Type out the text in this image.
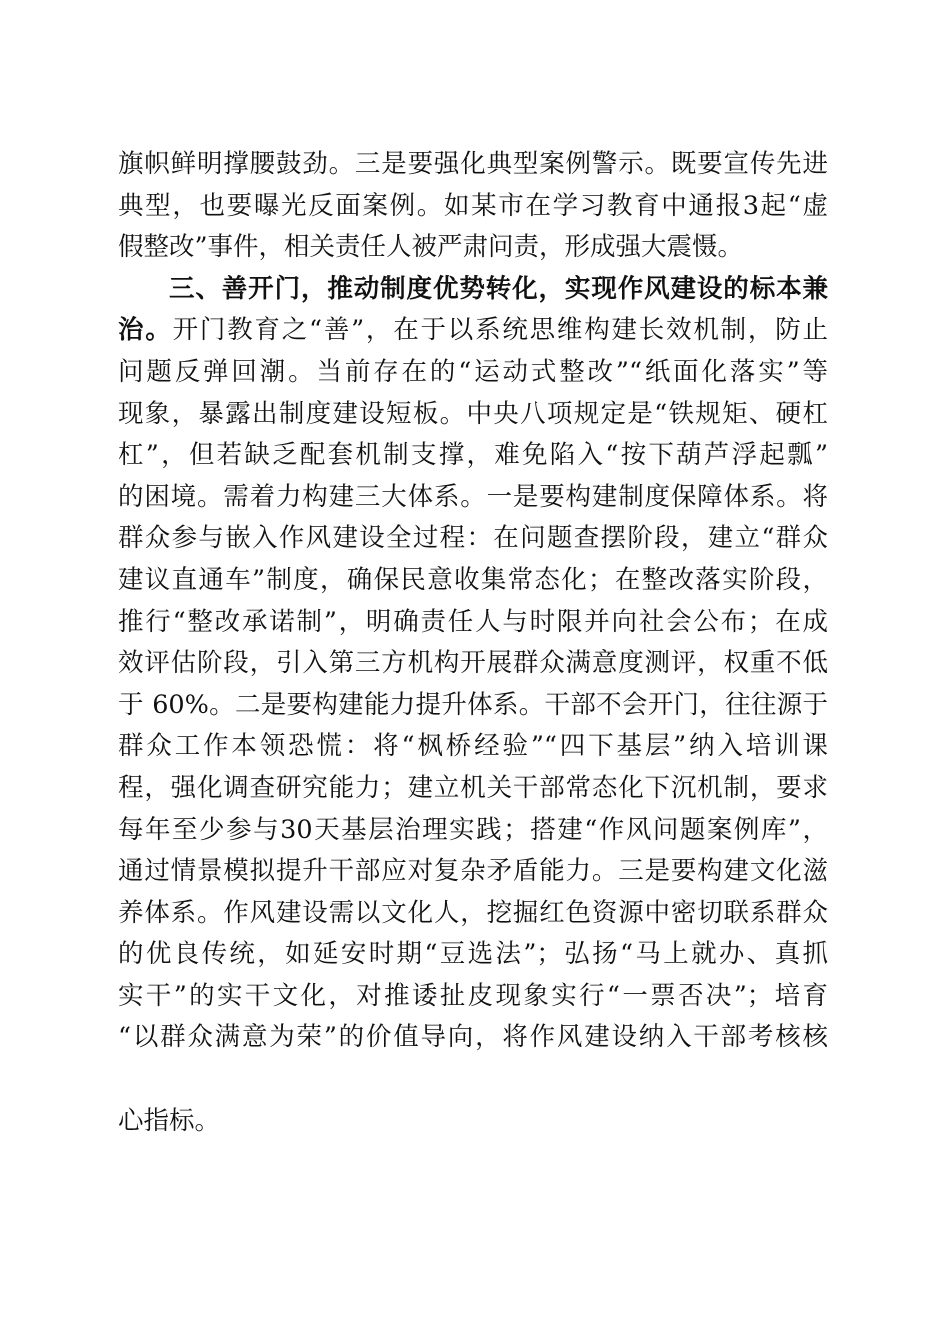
旗帜鲜明撑腰鼓劲。三是要强化典型案例警示。既要宣传先进
典型，也要曝光反面案例。如某市在学习教育中通报3起“虚
假整改”事件，相关责任人被严肃问责，形成强大震慑。
三、善开门，推动制度优势转化，实现作风建设的标本兼
治。开门教育之“善”，在于以系统思维构建长效机制，防止
问题反弹回潮。当前存在的“运动式整改”“纸面化落实”等
现象，暴露出制度建设短板。中央八项规定是“铁规矩、硬杠
杠”，但若缺乏配套机制支撑，难免陷入“按下葫芦浮起瓢”
的困境。需着力构建三大体系。一是要构建制度保障体系。将
群众参与嵌入作风建设全过程：在问题查摆阶段，建立“群众
建议直通车”制度，确保民意收集常态化；在整改落实阶段，
推行“整改承诺制”，明确责任人与时限并向社会公布；在成
效评估阶段，引入第三方机构开展群众满意度测评，权重不低
于 60%。二是要构建能力提升体系。干部不会开门，往往源于
群众工作本领恐慌：将“枫桥经验”“四下基层”纳入培训课
程，强化调查研究能力；建立机关干部常态化下沉机制，要求
每年至少参与30天基层治理实践；搭建“作风问题案例库”，
通过情景模拟提升干部应对复杂矛盾能力。三是要构建文化滋
养体系。作风建设需以文化人，挖掘红色资源中密切联系群众
的优良传统，如延安时期“豆选法”；弘扬“马上就办、真抓
实干”的实干文化，对推诿扯皮现象实行“一票否决”；培育
“以群众满意为荣”的价值导向，将作风建设纳入干部考核核
心指标。
